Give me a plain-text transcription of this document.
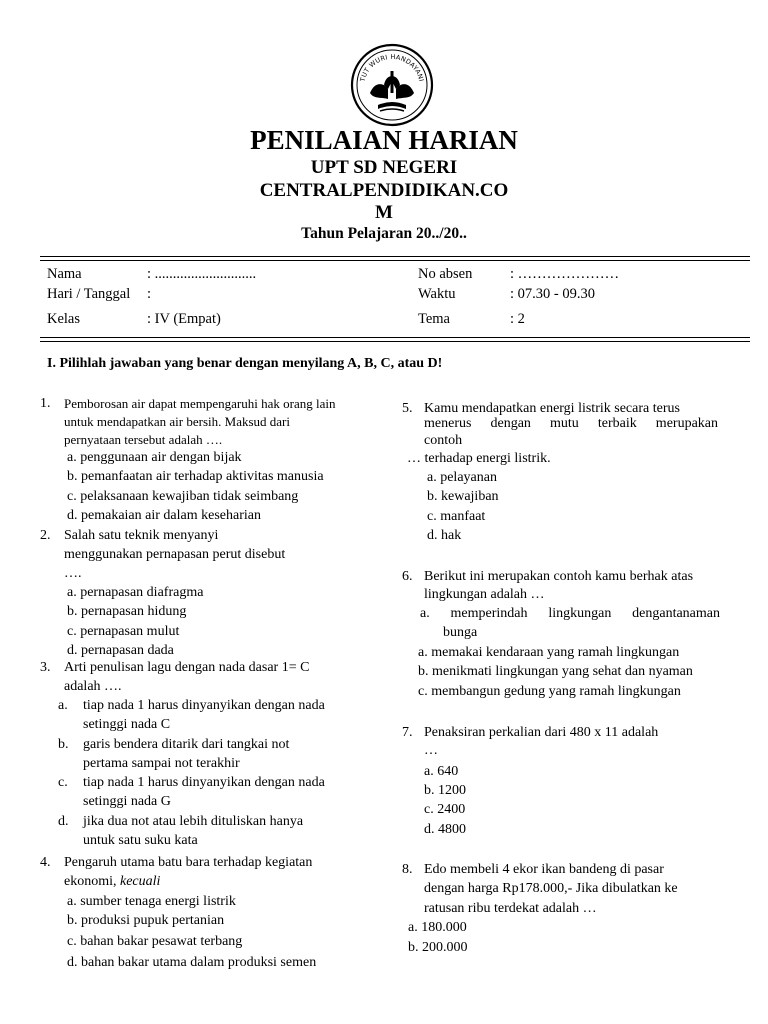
TUT WURI HANDAYANI
PENILAIAN HARIAN
UPT SD NEGERI
CENTRALPENDIDIKAN.CO
M
Tahun Pelajaran 20../20..
Nama	: ............................	No absen	: …………………
Hari / Tanggal :	Waktu	: 07.30 - 09.30
Kelas	: IV (Empat)	Tema	: 2
I. Pilihlah jawaban yang benar dengan menyilang A, B, C, atau D!
1. Pemborosan air dapat mempengaruhi hak orang lain
untuk mendapatkan air bersih. Maksud dari
pernyataan tersebut adalah ….
a. penggunaan air dengan bijak
b. pemanfaatan air terhadap aktivitas manusia
c. pelaksanaan kewajiban tidak seimbang
d. pemakaian air dalam keseharian
2. Salah satu teknik menyanyi
menggunakan pernapasan perut disebut
….
a. pernapasan diafragma
b. pernapasan hidung
c. pernapasan mulut
d. pernapasan dada
3. Arti penulisan lagu dengan nada dasar 1= C
adalah ….
a. tiap nada 1 harus dinyanyikan dengan nada
setinggi nada C
b. garis bendera ditarik dari tangkai not
pertama sampai not terakhir
c. tiap nada 1 harus dinyanyikan dengan nada
setinggi nada G
d. jika dua not atau lebih dituliskan hanya
untuk satu suku kata
4. Pengaruh utama batu bara terhadap kegiatan
ekonomi, kecuali
a. sumber tenaga energi listrik
b. produksi pupuk pertanian
c. bahan bakar pesawat terbang
d. bahan bakar utama dalam produksi semen
5. Kamu mendapatkan energi listrik secara terus
menerus dengan mutu terbaik merupakan
contoh
… terhadap energi listrik.
a. pelayanan
b. kewajiban
c. manfaat
d. hak
6. Berikut ini merupakan contoh kamu berhak atas
lingkungan adalah …
a. memperindah lingkungan dengantanaman
bunga
a. memakai kendaraan yang ramah lingkungan
b. menikmati lingkungan yang sehat dan nyaman
c. membangun gedung yang ramah lingkungan
7. Penaksiran perkalian dari 480 x 11 adalah
…
a. 640
b. 1200
c. 2400
d. 4800
8. Edo membeli 4 ekor ikan bandeng di pasar
dengan harga Rp178.000,- Jika dibulatkan ke
ratusan ribu terdekat adalah …
a. 180.000
b. 200.000
